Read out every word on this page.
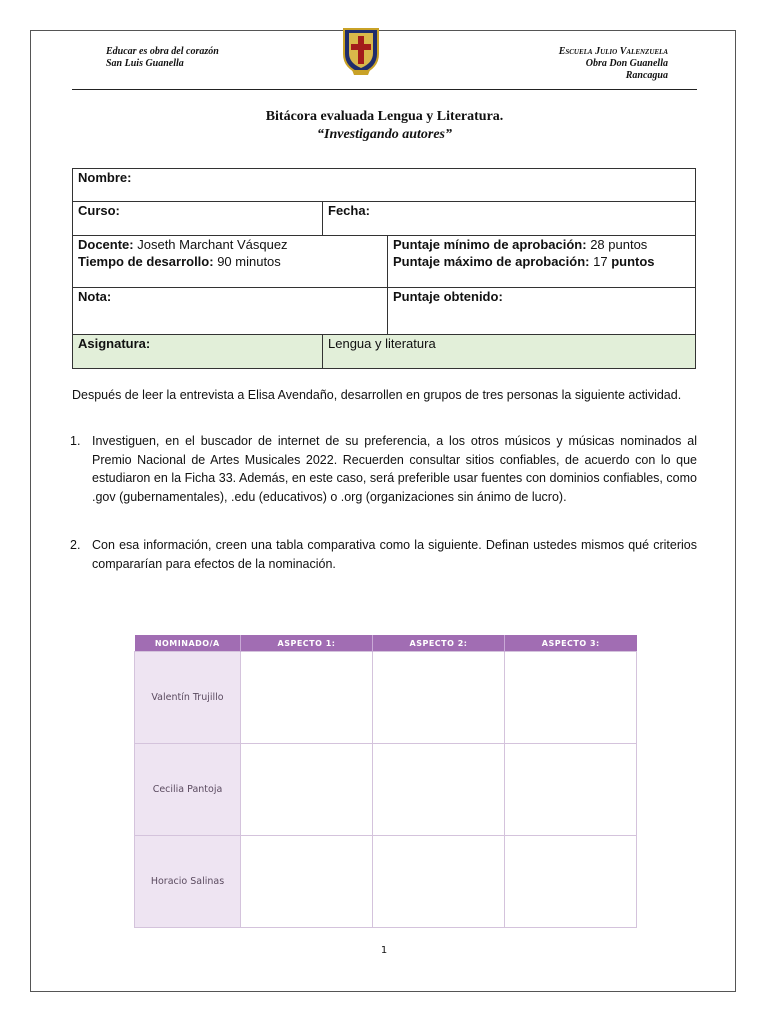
Educar es obra del corazón
San Luis Guanella
Escuela Julio Valenzuela
Obra Don Guanella
Rancagua
Bitácora evaluada Lengua y Literatura.
“Investigando autores”
Nombre:		
Curso:	Fecha:	
Docente: Joseth Marchant Vásquez		Puntaje mínimo de aprobación: 28 puntos
Tiempo de desarrollo: 90 minutos		Puntaje máximo de aprobación: 17 puntos
Nota:		Puntaje obtenido:
Asignatura:	Lengua y literatura	
Después de leer la entrevista a Elisa Avendaño, desarrollen en grupos de tres personas la siguiente actividad.
1. Investiguen, en el buscador de internet de su preferencia, a los otros músicos y músicas nominados al Premio Nacional de Artes Musicales 2022. Recuerden consultar sitios confiables, de acuerdo con lo que estudiaron en la Ficha 33. Además, en este caso, será preferible usar fuentes con dominios confiables, como .gov (gubernamentales), .edu (educativos) o .org (organizaciones sin ánimo de lucro).
2. Con esa información, creen una tabla comparativa como la siguiente. Definan ustedes mismos qué criterios compararían para efectos de la nominación.
NOMINADO/A	ASPECTO 1:	ASPECTO 2:	ASPECTO 3:
Valentín Trujillo			
Cecilia Pantoja			
Horacio Salinas			
1
